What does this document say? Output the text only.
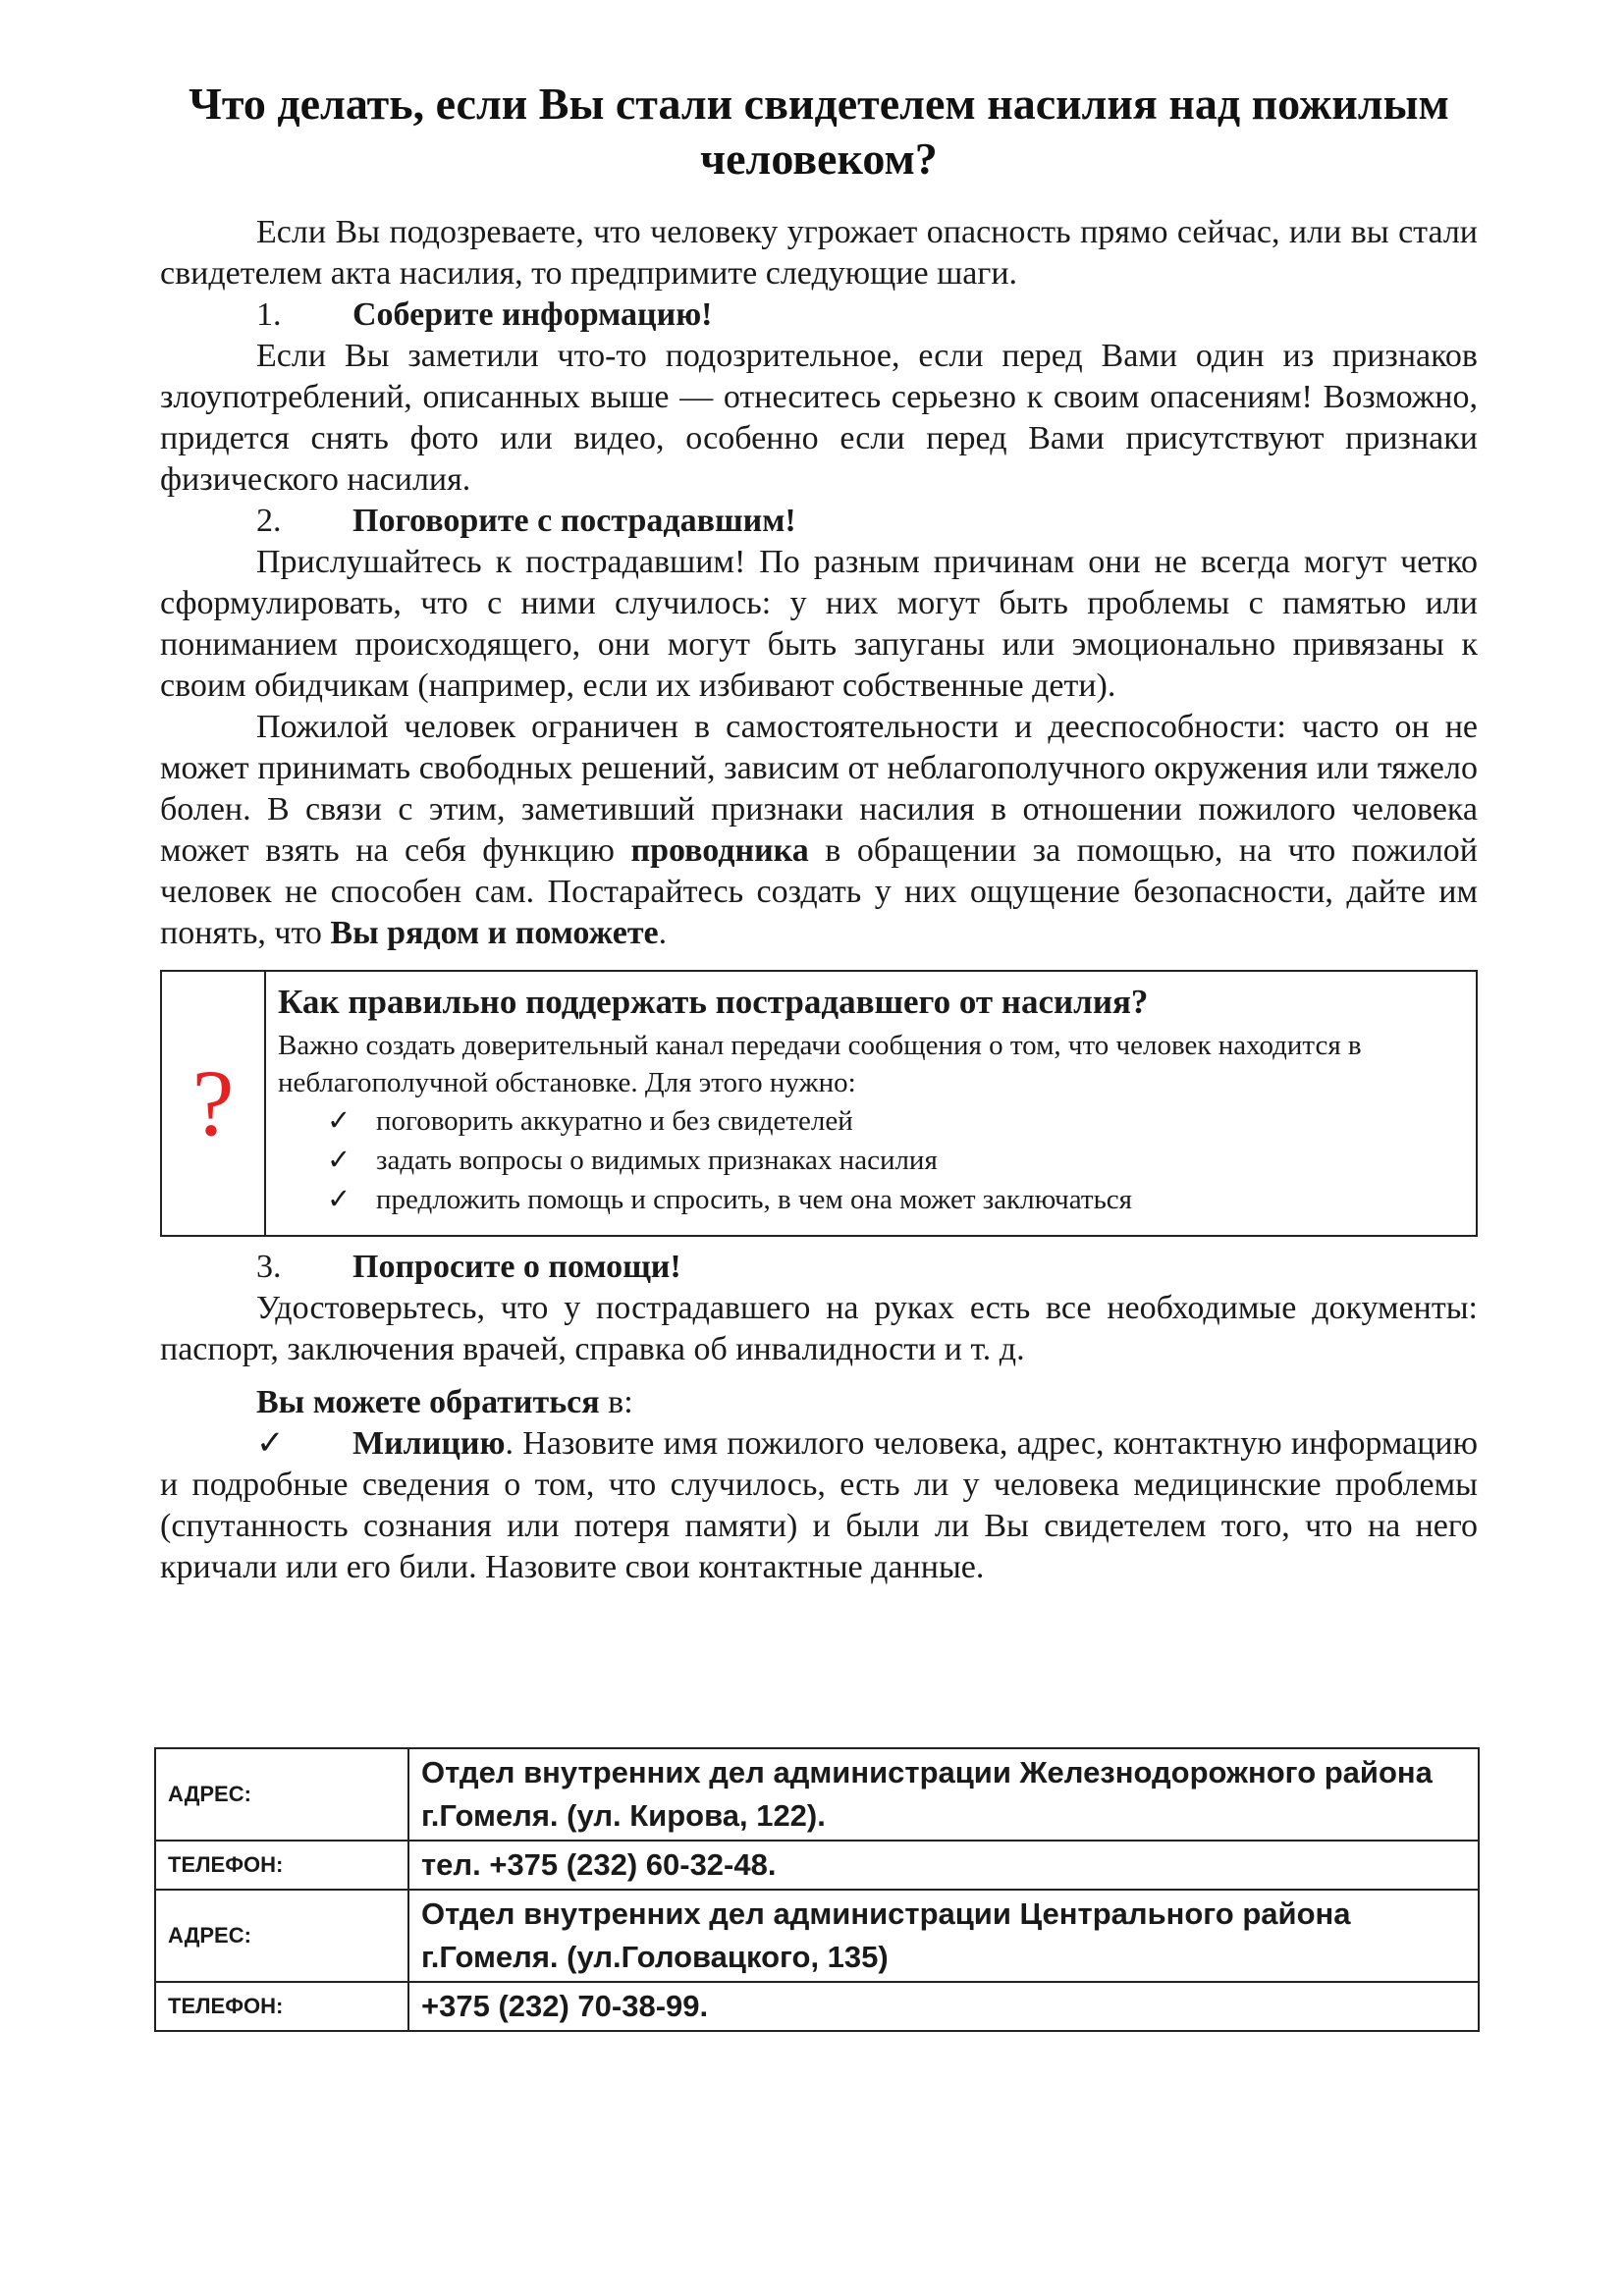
Что делать, если Вы стали свидетелем насилия над пожилым человеком?

Если Вы подозреваете, что человеку угрожает опасность прямо сейчас, или вы стали свидетелем акта насилия, то предпримите следующие шаги.

1. Соберите информацию!

Если Вы заметили что-то подозрительное, если перед Вами один из признаков злоупотреблений, описанных выше — отнеситесь серьезно к своим опасениям! Возможно, придется снять фото или видео, особенно если перед Вами присутствуют признаки физического насилия.

2. Поговорите с пострадавшим!

Прислушайтесь к пострадавшим! По разным причинам они не всегда могут четко сформулировать, что с ними случилось: у них могут быть проблемы с памятью или пониманием происходящего, они могут быть запуганы или эмоционально привязаны к своим обидчикам (например, если их избивают собственные дети).

Пожилой человек ограничен в самостоятельности и дееспособности: часто он не может принимать свободных решений, зависим от неблагополучного окружения или тяжело болен. В связи с этим, заметивший признаки насилия в отношении пожилого человека может взять на себя функцию проводника в обращении за помощью, на что пожилой человек не способен сам. Постарайтесь создать у них ощущение безопасности, дайте им понять, что Вы рядом и поможете.

?
Как правильно поддержать пострадавшего от насилия?
Важно создать доверительный канал передачи сообщения о том, что человек находится в неблагополучной обстановке. Для этого нужно:
✓ поговорить аккуратно и без свидетелей
✓ задать вопросы о видимых признаках насилия
✓ предложить помощь и спросить, в чем она может заключаться

3. Попросите о помощи!

Удостоверьтесь, что у пострадавшего на руках есть все необходимые документы: паспорт, заключения врачей, справка об инвалидности и т. д.

Вы можете обратиться в:

✓ Милицию. Назовите имя пожилого человека, адрес, контактную информацию и подробные сведения о том, что случилось, есть ли у человека медицинские проблемы (спутанность сознания или потеря памяти) и были ли Вы свидетелем того, что на него кричали или его били. Назовите свои контактные данные.

АДРЕС:	Отдел внутренних дел администрации Железнодорожного района г.Гомеля. (ул. Кирова, 122).
ТЕЛЕФОН:	тел. +375 (232) 60-32-48.
АДРЕС:	Отдел внутренних дел администрации Центрального района г.Гомеля. (ул.Головацкого, 135)
ТЕЛЕФОН:	+375 (232) 70-38-99.
